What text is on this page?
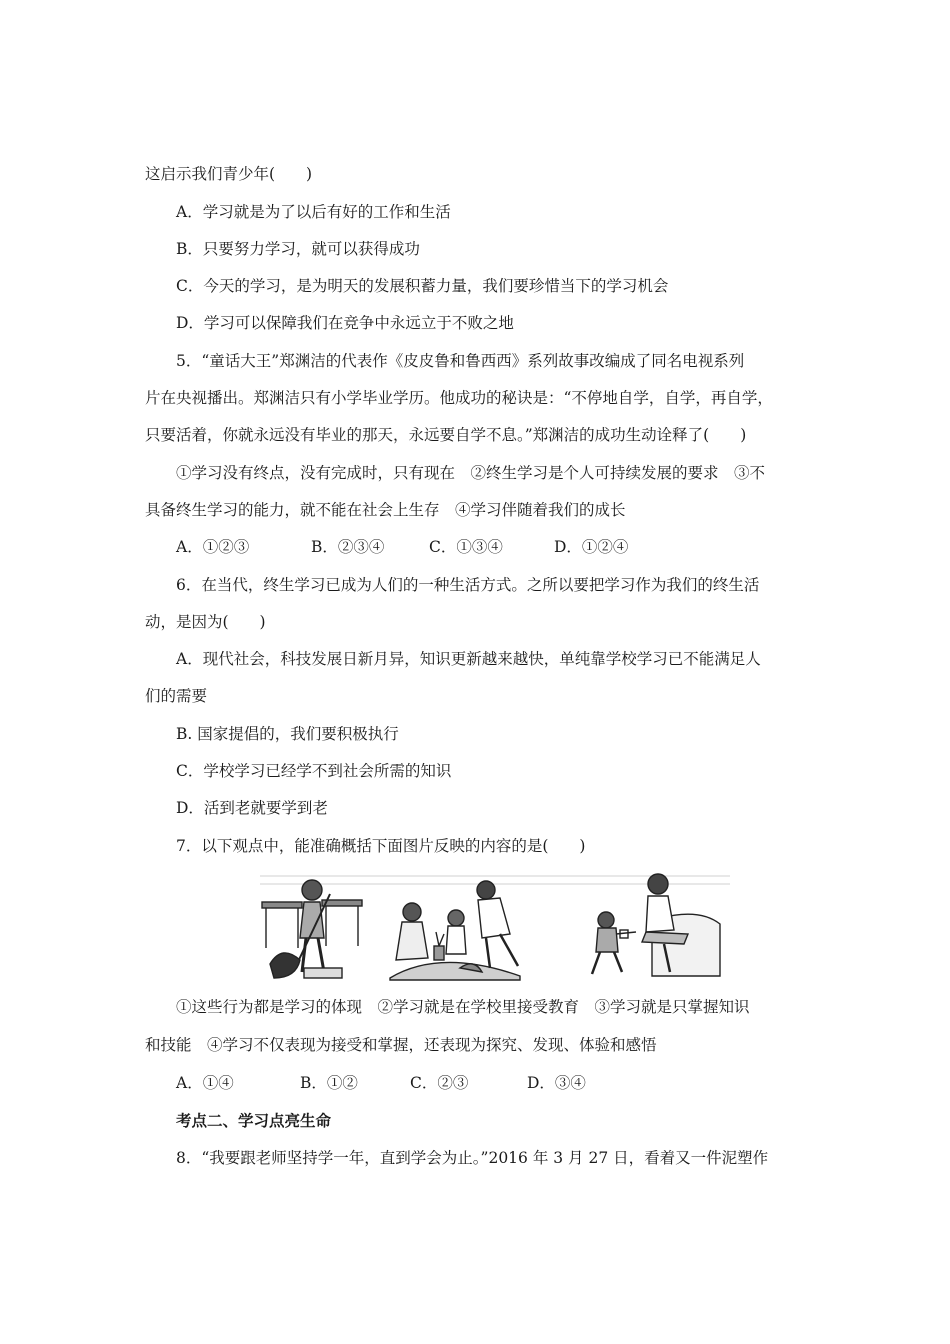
这启示我们青少年(　　)
A．学习就是为了以后有好的工作和生活
B．只要努力学习，就可以获得成功
C．今天的学习，是为明天的发展积蓄力量，我们要珍惜当下的学习机会
D．学习可以保障我们在竞争中永远立于不败之地
5．“童话大王”郑渊洁的代表作《皮皮鲁和鲁西西》系列故事改编成了同名电视系列
片在央视播出。郑渊洁只有小学毕业学历。他成功的秘诀是：“不停地自学，自学，再自学，
只要活着，你就永远没有毕业的那天，永远要自学不息。”郑渊洁的成功生动诠释了(　　)
①学习没有终点，没有完成时，只有现在　②终生学习是个人可持续发展的要求　③不
具备终生学习的能力，就不能在社会上生存　④学习伴随着我们的成长
A．①②③	B．②③④	C．①③④	D．①②④
6．在当代，终生学习已成为人们的一种生活方式。之所以要把学习作为我们的终生活
动，是因为(　　)
A．现代社会，科技发展日新月异，知识更新越来越快，单纯靠学校学习已不能满足人
们的需要
B. 国家提倡的，我们要积极执行
C．学校学习已经学不到社会所需的知识
D．活到老就要学到老
7．以下观点中，能准确概括下面图片反映的内容的是(　　)
①这些行为都是学习的体现　②学习就是在学校里接受教育　③学习就是只掌握知识
和技能　④学习不仅表现为接受和掌握，还表现为探究、发现、体验和感悟
A．①④	B．①②	C．②③	D．③④
考点二、学习点亮生命
8．“我要跟老师坚持学一年，直到学会为止。”2016 年 3 月 27 日，看着又一件泥塑作
